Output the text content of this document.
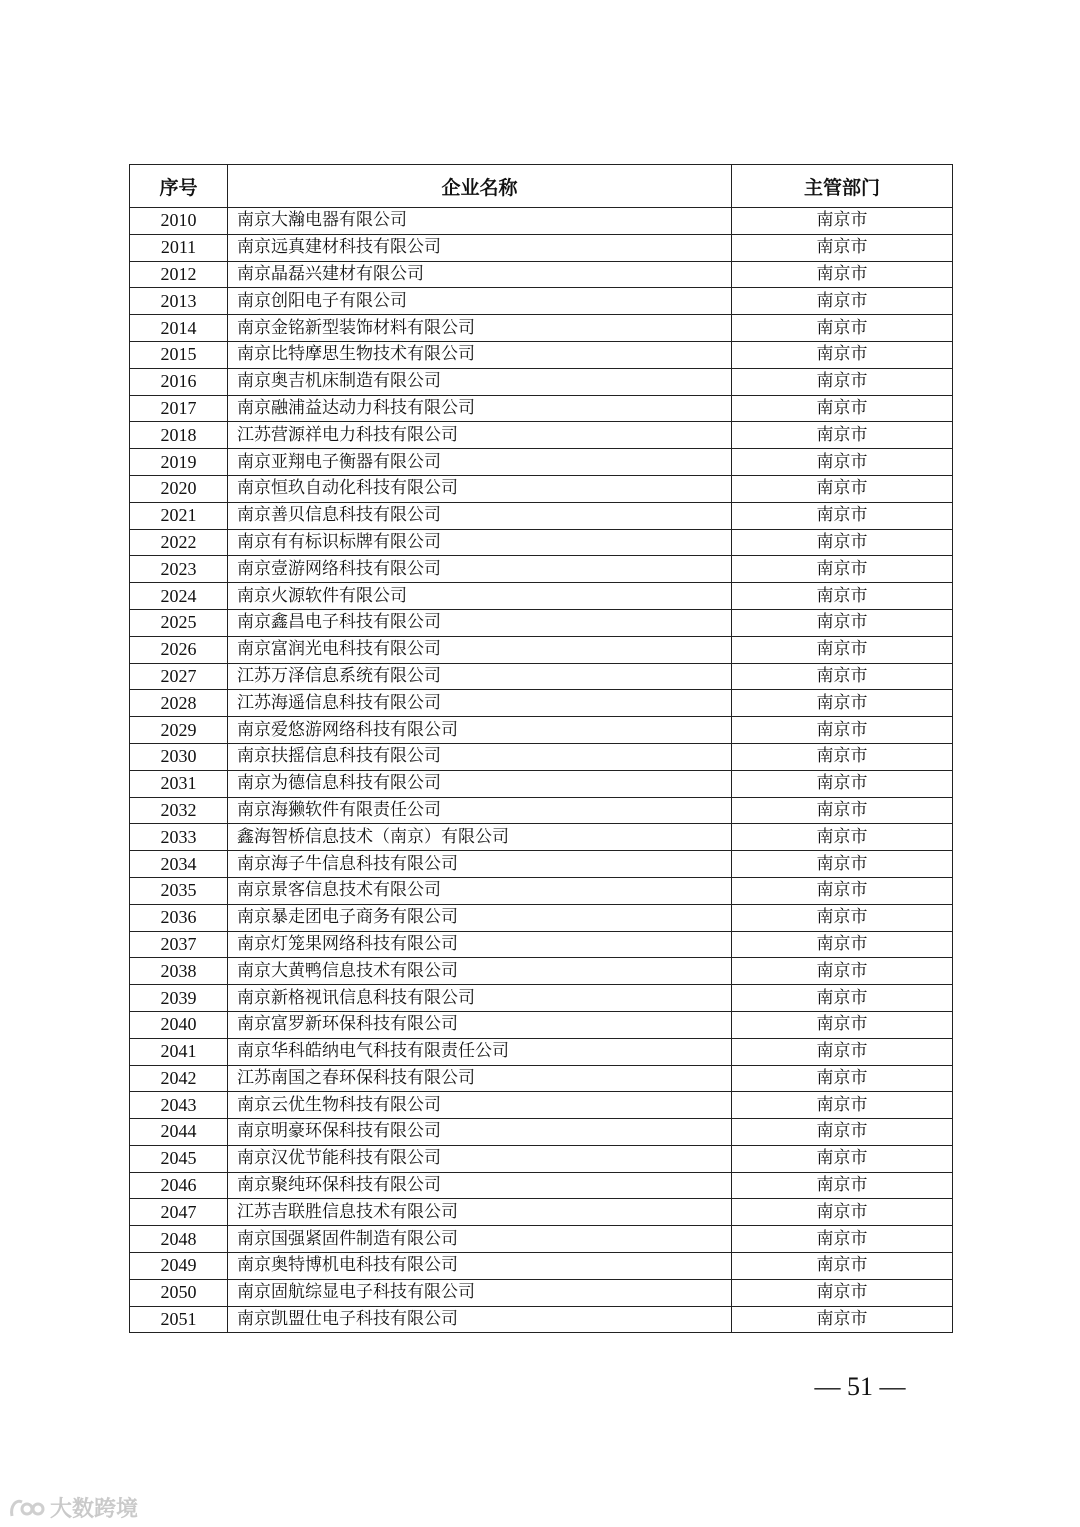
序号	企业名称	主管部门
2010	南京大瀚电器有限公司	南京市
2011	南京远真建材科技有限公司	南京市
2012	南京晶磊兴建材有限公司	南京市
2013	南京创阳电子有限公司	南京市
2014	南京金铭新型装饰材料有限公司	南京市
2015	南京比特摩思生物技术有限公司	南京市
2016	南京奥吉机床制造有限公司	南京市
2017	南京融浦益达动力科技有限公司	南京市
2018	江苏营源祥电力科技有限公司	南京市
2019	南京亚翔电子衡器有限公司	南京市
2020	南京恒玖自动化科技有限公司	南京市
2021	南京善贝信息科技有限公司	南京市
2022	南京有有标识标牌有限公司	南京市
2023	南京壹游网络科技有限公司	南京市
2024	南京火源软件有限公司	南京市
2025	南京鑫昌电子科技有限公司	南京市
2026	南京富润光电科技有限公司	南京市
2027	江苏万泽信息系统有限公司	南京市
2028	江苏海遥信息科技有限公司	南京市
2029	南京爱悠游网络科技有限公司	南京市
2030	南京扶摇信息科技有限公司	南京市
2031	南京为德信息科技有限公司	南京市
2032	南京海獭软件有限责任公司	南京市
2033	鑫海智桥信息技术（南京）有限公司	南京市
2034	南京海子牛信息科技有限公司	南京市
2035	南京景客信息技术有限公司	南京市
2036	南京暴走团电子商务有限公司	南京市
2037	南京灯笼果网络科技有限公司	南京市
2038	南京大黄鸭信息技术有限公司	南京市
2039	南京新格视讯信息科技有限公司	南京市
2040	南京富罗新环保科技有限公司	南京市
2041	南京华科皓纳电气科技有限责任公司	南京市
2042	江苏南国之春环保科技有限公司	南京市
2043	南京云优生物科技有限公司	南京市
2044	南京明豪环保科技有限公司	南京市
2045	南京汉优节能科技有限公司	南京市
2046	南京聚纯环保科技有限公司	南京市
2047	江苏吉联胜信息技术有限公司	南京市
2048	南京国强紧固件制造有限公司	南京市
2049	南京奥特博机电科技有限公司	南京市
2050	南京固航综显电子科技有限公司	南京市
2051	南京凯盟仕电子科技有限公司	南京市
— 51 —
大数跨境
